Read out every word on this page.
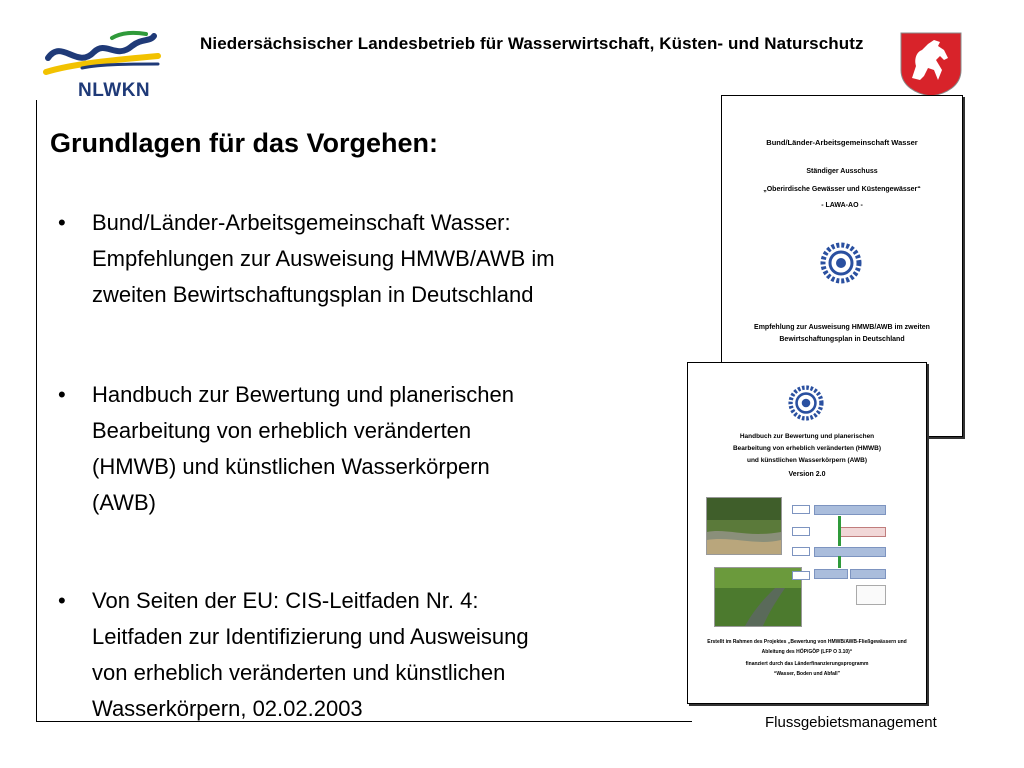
NLWKN
Niedersächsischer Landesbetrieb für Wasserwirtschaft, Küsten- und Naturschutz
Grundlagen für das Vorgehen:
•	Bund/Länder-Arbeitsgemeinschaft Wasser:
Empfehlungen zur Ausweisung HMWB/AWB im
zweiten Bewirtschaftungsplan in Deutschland
•	Handbuch zur Bewertung und planerischen
Bearbeitung von erheblich veränderten
(HMWB) und künstlichen Wasserkörpern
(AWB)
•	Von Seiten der EU: CIS-Leitfaden Nr. 4:
Leitfaden zur Identifizierung und Ausweisung
von erheblich veränderten und künstlichen
Wasserkörpern, 02.02.2003
Bund/Länder-Arbeitsgemeinschaft Wasser
Ständiger Ausschuss
„Oberirdische Gewässer und Küstengewässer“
- LAWA-AO -
Empfehlung zur Ausweisung HMWB/AWB im zweiten
Bewirtschaftungsplan in Deutschland
Handbuch zur Bewertung und planerischen
Bearbeitung von erheblich veränderten (HMWB)
und künstlichen Wasserkörpern (AWB)
Version 2.0
Erstellt im Rahmen des Projektes „Bewertung von HMWB/AWB-Fließgewässern und
Ableitung des HÖP/GÖP (LFP O 3.10)“
finanziert durch das Länderfinanzierungsprogramm
“Wasser, Boden und Abfall”
Flussgebietsmanagement
